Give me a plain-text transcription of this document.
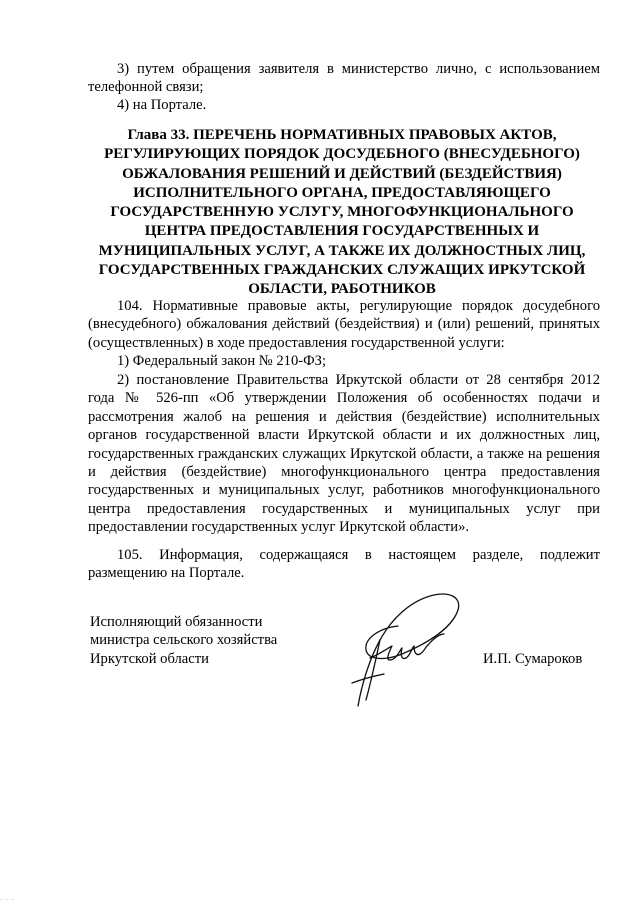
3) путем обращения заявителя в министерство лично, с использованием телефонной связи;

4) на Портале.

Глава 33. ПЕРЕЧЕНЬ НОРМАТИВНЫХ ПРАВОВЫХ АКТОВ, РЕГУЛИРУЮЩИХ ПОРЯДОК ДОСУДЕБНОГО (ВНЕСУДЕБНОГО) ОБЖАЛОВАНИЯ РЕШЕНИЙ И ДЕЙСТВИЙ (БЕЗДЕЙСТВИЯ) ИСПОЛНИТЕЛЬНОГО ОРГАНА, ПРЕДОСТАВЛЯЮЩЕГО ГОСУДАРСТВЕННУЮ УСЛУГУ, МНОГОФУНКЦИОНАЛЬНОГО ЦЕНТРА ПРЕДОСТАВЛЕНИЯ ГОСУДАРСТВЕННЫХ И МУНИЦИПАЛЬНЫХ УСЛУГ, А ТАКЖЕ ИХ ДОЛЖНОСТНЫХ ЛИЦ, ГОСУДАРСТВЕННЫХ ГРАЖДАНСКИХ СЛУЖАЩИХ ИРКУТСКОЙ ОБЛАСТИ, РАБОТНИКОВ

104. Нормативные правовые акты, регулирующие порядок досудебного (внесудебного) обжалования действий (бездействия) и (или) решений, принятых (осуществленных) в ходе предоставления государственной услуги:

1) Федеральный закон № 210-ФЗ;

2) постановление Правительства Иркутской области от 28 сентября 2012 года № 526-пп «Об утверждении Положения об особенностях подачи и рассмотрения жалоб на решения и действия (бездействие) исполнительных органов государственной власти Иркутской области и их должностных лиц, государственных гражданских служащих Иркутской области, а также на решения и действия (бездействие) многофункционального центра предоставления государственных и муниципальных услуг, работников многофункционального центра предоставления государственных и муниципальных услуг при предоставлении государственных услуг Иркутской области».

105. Информация, содержащаяся в настоящем разделе, подлежит размещению на Портале.

Исполняющий обязанности
министра сельского хозяйства
Иркутской области	И.П. Сумароков
_ _ _
